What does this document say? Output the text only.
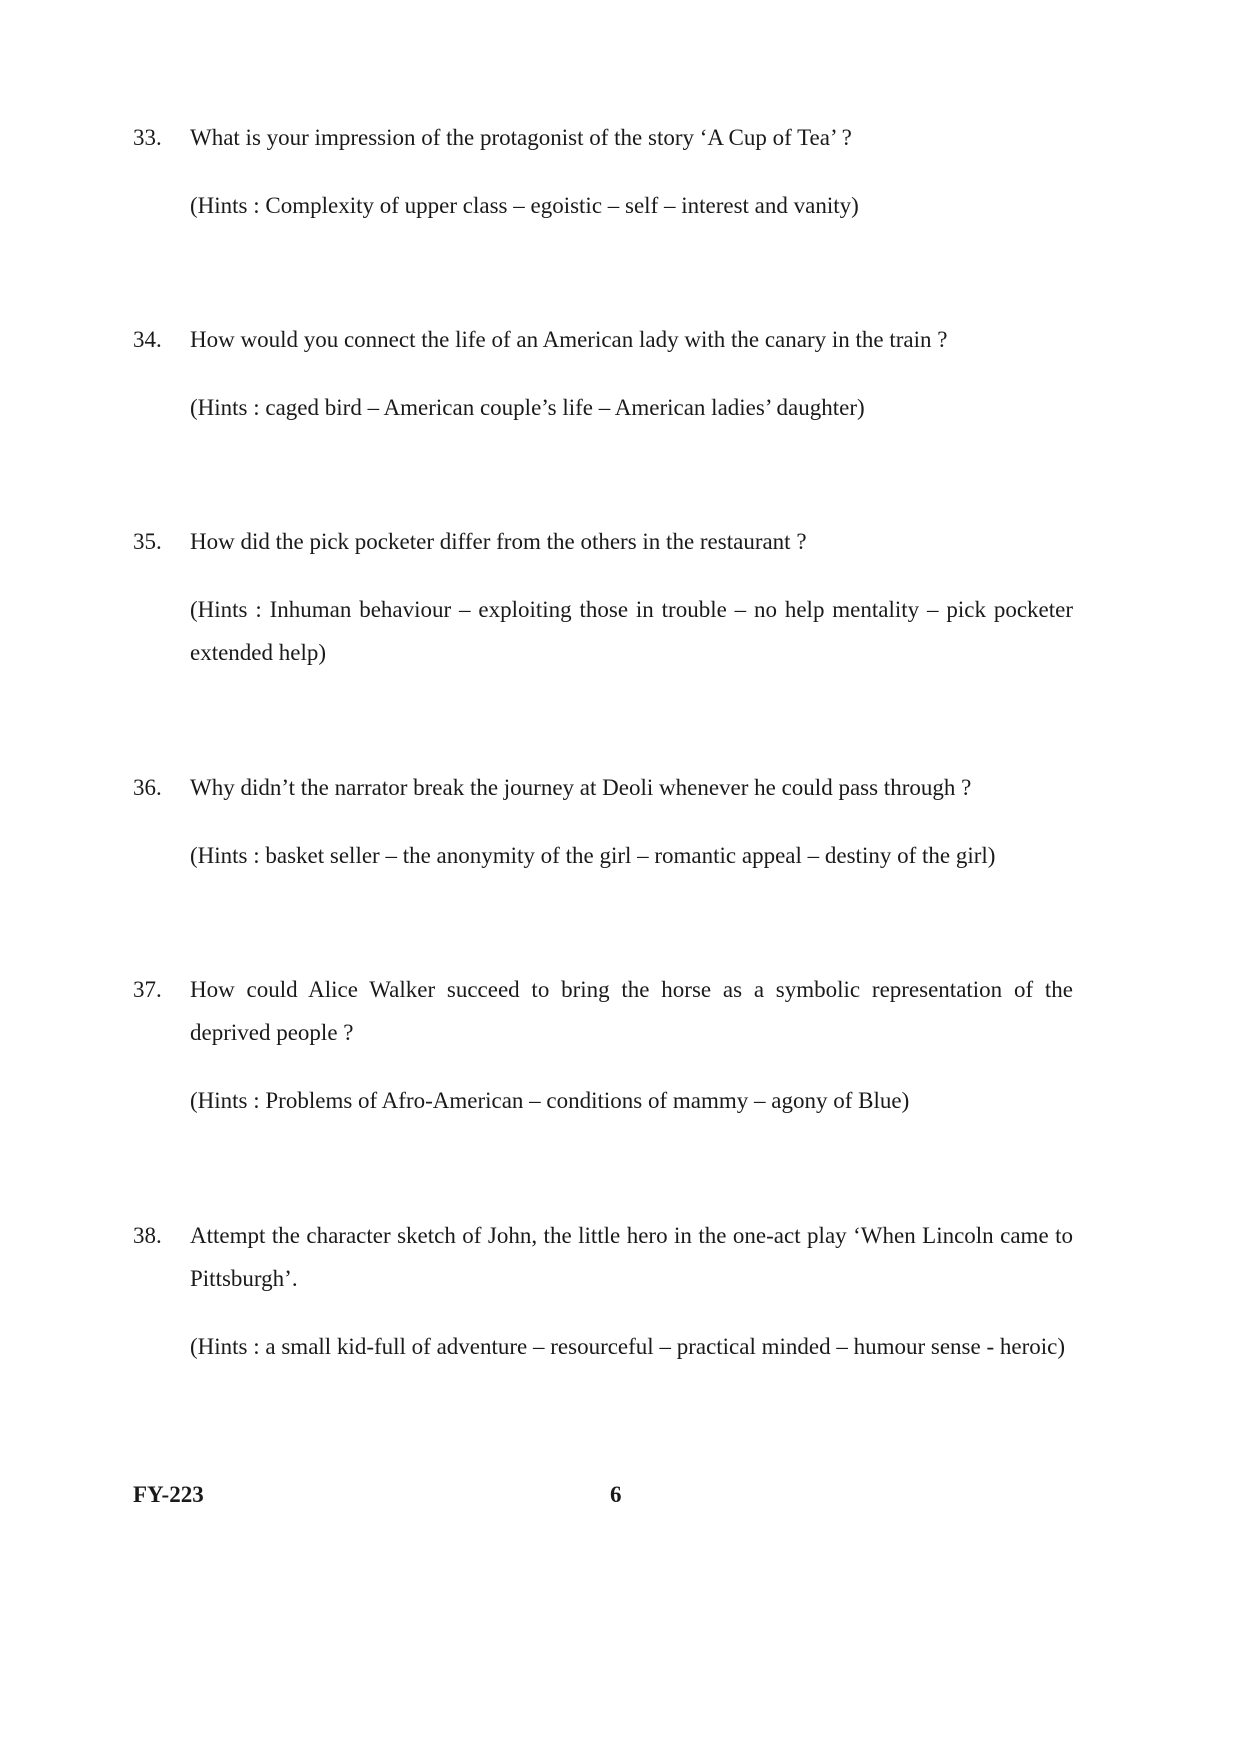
33.	What is your impression of the protagonist of the story ‘A Cup of Tea’ ?
(Hints : Complexity of upper class – egoistic – self – interest and vanity)
34.	How would you connect the life of an American lady with the canary in the train ?
(Hints : caged bird – American couple’s life – American ladies’ daughter)
35.	How did the pick pocketer differ from the others in the restaurant ?
(Hints : Inhuman behaviour – exploiting those in trouble – no help mentality – pick pocketer extended help)
36.	Why didn’t the narrator break the journey at Deoli whenever he could pass through ?
(Hints : basket seller – the anonymity of the girl – romantic appeal – destiny of the girl)
37.	How could Alice Walker succeed to bring the horse as a symbolic representation of the deprived people ?
(Hints : Problems of Afro-American – conditions of mammy – agony of Blue)
38.	Attempt the character sketch of John, the little hero in the one-act play ‘When Lincoln came to Pittsburgh’.
(Hints : a small kid-full of adventure – resourceful – practical minded – humour sense - heroic)
FY-223	6
